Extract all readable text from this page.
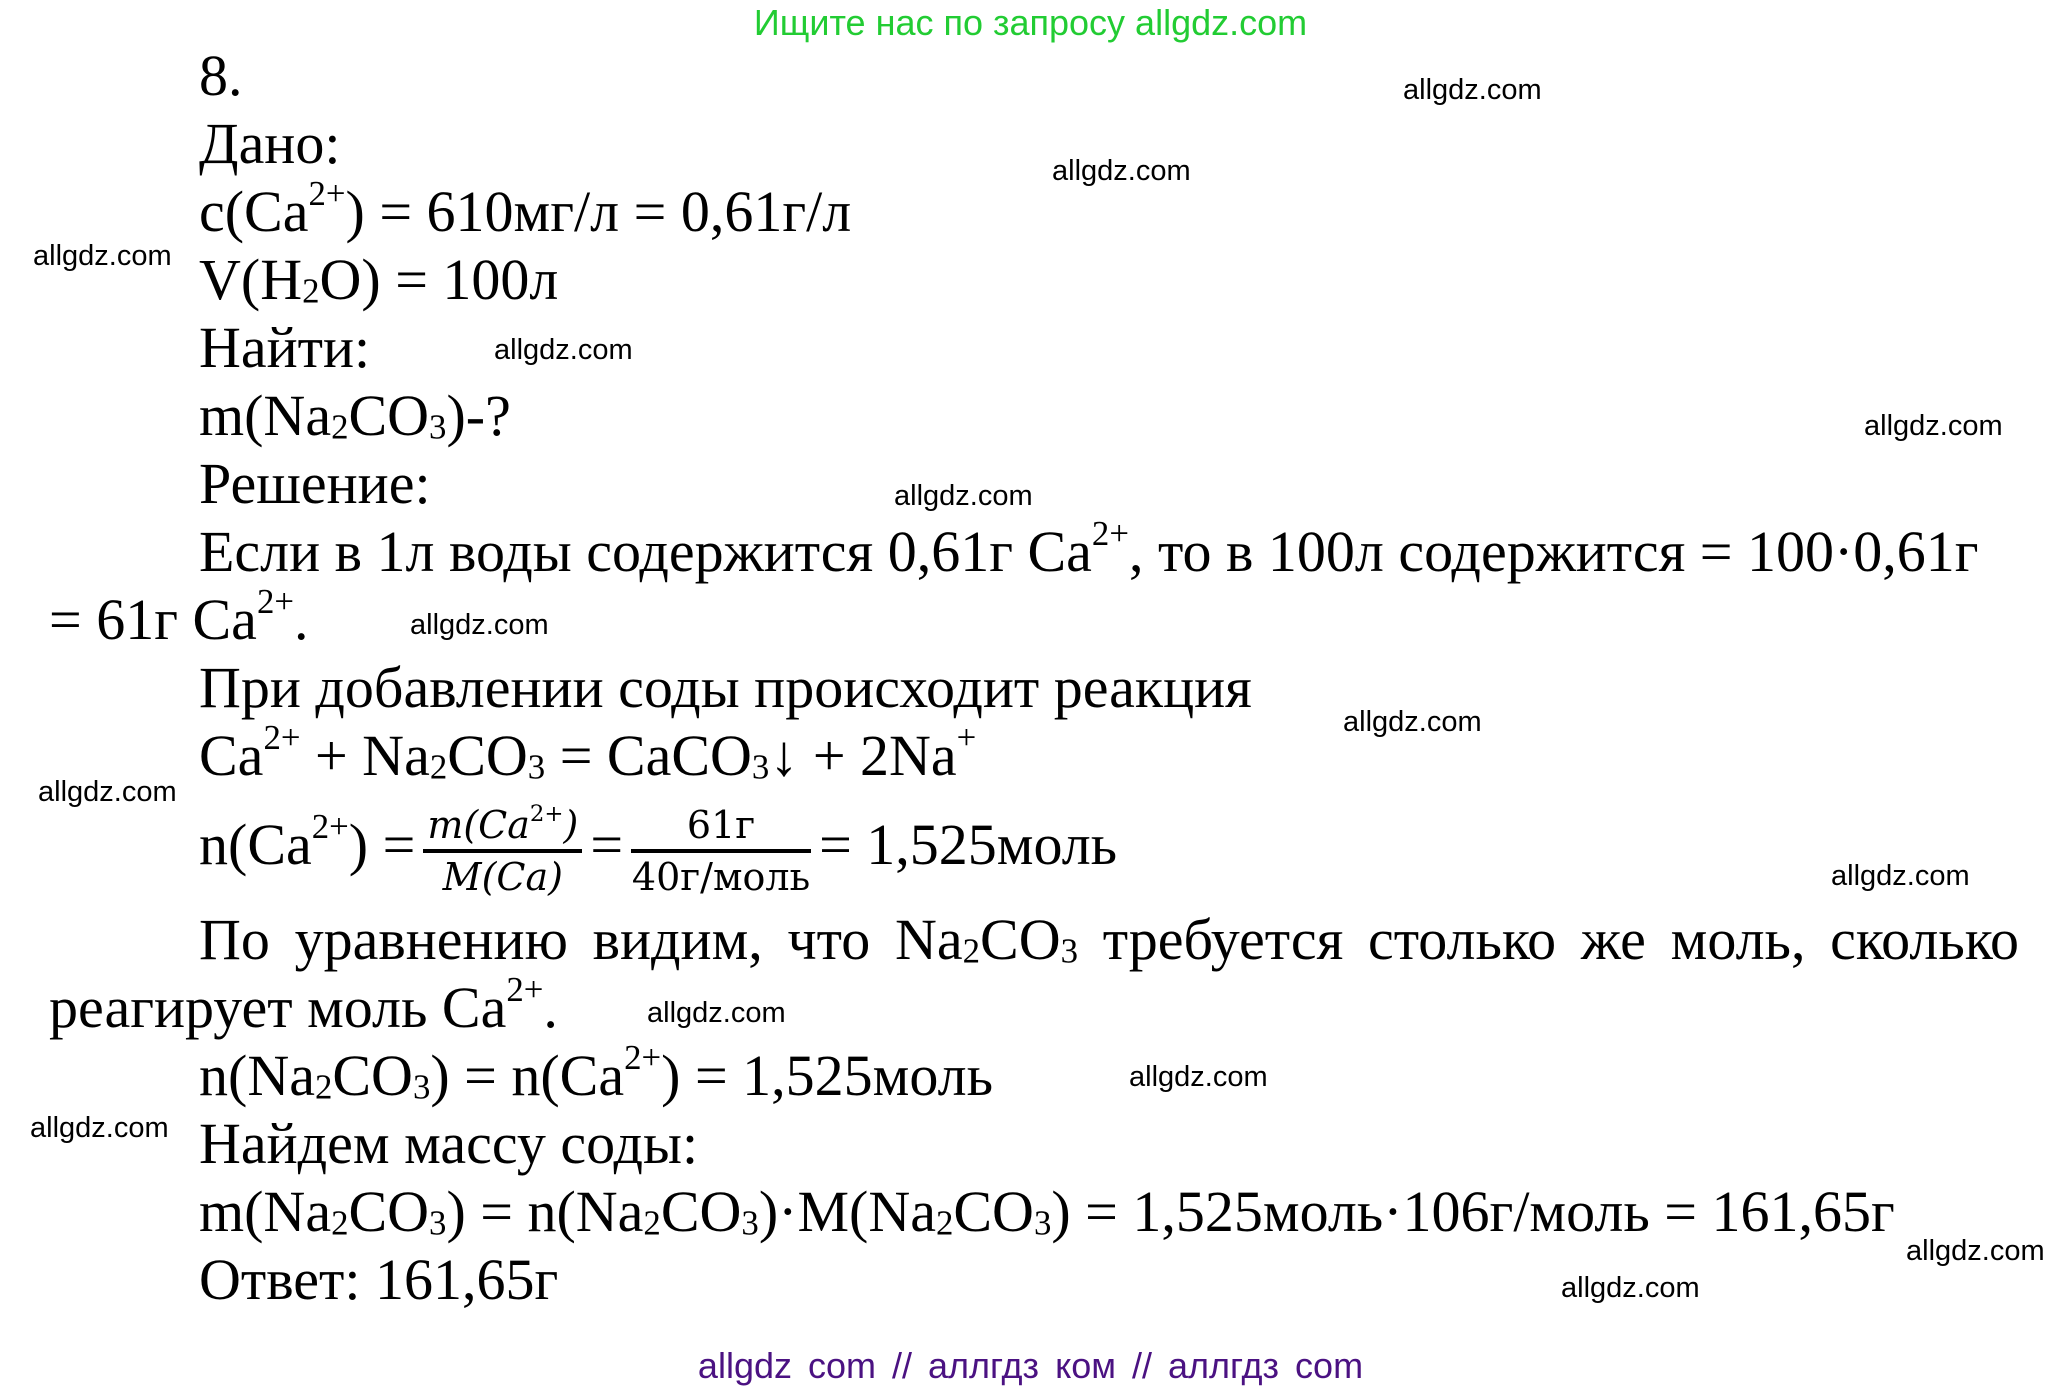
Ищите нас по запросу allgdz.com
8.
Дано:
$c(Ca^{2+}) = 610мг/л = 0,61г/л$
$V(H_2O) = 100л$
Найти:
$m(Na_2CO_3)-$?
Решение:
Если в 1л воды содержится 0,61г $Ca^{2+}$, то в 100л содержится = 100·0,61г
= 61г $Ca^{2+}$.
При добавлении соды происходит реакция
$Ca^{2+} + Na_2CO_3$ = CaCO$_3$↓ + 2Na+
$n(Ca^{2+}) = \frac{m(Ca^{2+})}{M(Ca)} = \frac{61г}{\text{40г/моль}}$ = 1,525моль
По уравнению видим, что $Na_2CO_3$ требуется столько же моль, сколько
реагирует моль $Ca^{2+}$.
$n(Na_2CO_3) = n(Ca^{2+})$ = 1,525моль
Найдем массу соды:
$m(Na_2CO_3) = n(Na_2CO_3)\cdot M(Na_2CO_3)$ = 1,525моль·106г/моль = 161,65г
Ответ: 161,65г
allgdz.com
allgdz.com
allgdz.com
allgdz.com
allgdz.com
allgdz.com
allgdz.com
allgdz.com
allgdz.com
allgdz.com
allgdz.com
allgdz.com
allgdz.com
allgdz.com
allgdz.com
allgdz com // аллгдз ком // аллгдз com
